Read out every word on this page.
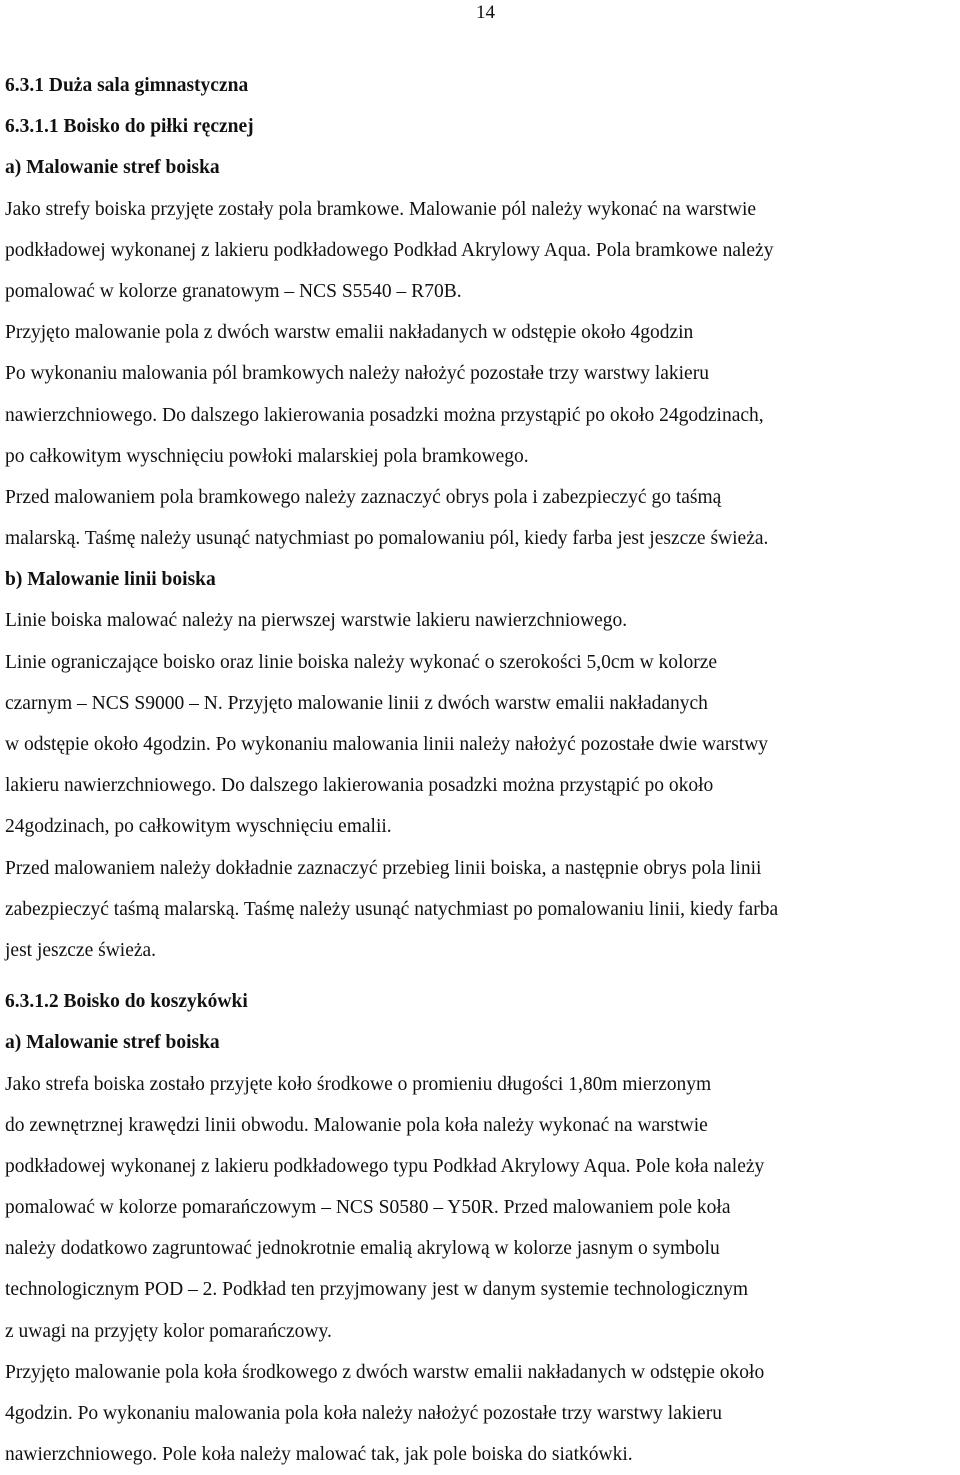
14
6.3.1 Duża sala gimnastyczna
6.3.1.1 Boisko do piłki ręcznej
a) Malowanie stref boiska
Jako strefy boiska przyjęte zostały pola bramkowe. Malowanie pól należy wykonać na warstwie
podkładowej wykonanej z lakieru podkładowego Podkład Akrylowy Aqua. Pola bramkowe należy
pomalować w kolorze granatowym – NCS S5540 – R70B.
Przyjęto malowanie pola z dwóch warstw emalii nakładanych w odstępie około 4godzin
Po wykonaniu malowania pól bramkowych należy nałożyć pozostałe trzy warstwy lakieru
nawierzchniowego. Do dalszego lakierowania posadzki można przystąpić po około 24godzinach,
po całkowitym wyschnięciu powłoki malarskiej pola bramkowego.
Przed malowaniem pola bramkowego należy zaznaczyć obrys pola i zabezpieczyć go taśmą
malarską. Taśmę należy usunąć natychmiast po pomalowaniu pól, kiedy farba jest jeszcze świeża.
b) Malowanie linii boiska
Linie boiska malować należy na pierwszej warstwie lakieru nawierzchniowego.
Linie ograniczające boisko oraz linie boiska należy wykonać o szerokości 5,0cm w kolorze
czarnym – NCS S9000 – N. Przyjęto malowanie linii z dwóch warstw emalii nakładanych
w odstępie około 4godzin. Po wykonaniu malowania linii należy nałożyć pozostałe dwie warstwy
lakieru nawierzchniowego. Do dalszego lakierowania posadzki można przystąpić po około
24godzinach, po całkowitym wyschnięciu emalii.
Przed malowaniem należy dokładnie zaznaczyć przebieg linii boiska, a następnie obrys pola linii
zabezpieczyć taśmą malarską. Taśmę należy usunąć natychmiast po pomalowaniu linii, kiedy farba
jest jeszcze świeża.
6.3.1.2 Boisko do koszykówki
a) Malowanie stref boiska
Jako strefa boiska zostało przyjęte koło środkowe o promieniu długości 1,80m mierzonym
do zewnętrznej krawędzi linii obwodu. Malowanie pola koła należy wykonać na warstwie
podkładowej wykonanej z lakieru podkładowego typu Podkład Akrylowy Aqua. Pole koła należy
pomalować w kolorze pomarańczowym – NCS S0580 – Y50R. Przed malowaniem pole koła
należy dodatkowo zagruntować jednokrotnie emalią akrylową w kolorze jasnym o symbolu
technologicznym POD – 2. Podkład ten przyjmowany jest w danym systemie technologicznym
z uwagi na przyjęty kolor pomarańczowy.
Przyjęto malowanie pola koła środkowego z dwóch warstw emalii nakładanych w odstępie około
4godzin. Po wykonaniu malowania pola koła należy nałożyć pozostałe trzy warstwy lakieru
nawierzchniowego. Pole koła należy malować tak, jak pole boiska do siatkówki.
